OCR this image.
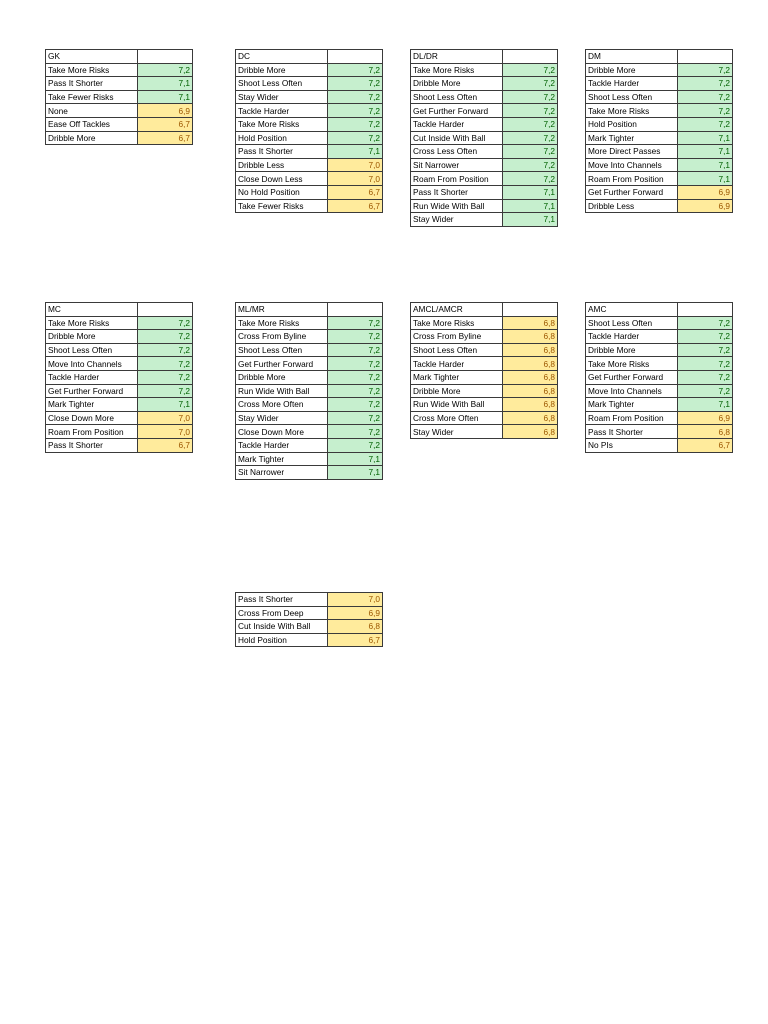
GK	
Take More Risks	7,2
Pass It Shorter	7,1
Take Fewer Risks	7,1
None	6,9
Ease Off Tackles	6,7
Dribble More	6,7
DC	
Dribble More	7,2
Shoot Less Often	7,2
Stay Wider	7,2
Tackle Harder	7,2
Take More Risks	7,2
Hold Position	7,2
Pass It Shorter	7,1
Dribble Less	7,0
Close Down Less	7,0
No Hold Position	6,7
Take Fewer Risks	6,7
DL/DR	
Take More Risks	7,2
Dribble More	7,2
Shoot Less Often	7,2
Get Further Forward	7,2
Tackle Harder	7,2
Cut Inside With Ball	7,2
Cross Less Often	7,2
Sit Narrower	7,2
Roam From Position	7,2
Pass It Shorter	7,1
Run Wide With Ball	7,1
Stay Wider	7,1
DM	
Dribble More	7,2
Tackle Harder	7,2
Shoot Less Often	7,2
Take More Risks	7,2
Hold Position	7,2
Mark Tighter	7,1
More Direct Passes	7,1
Move Into Channels	7,1
Roam From Position	7,1
Get Further Forward	6,9
Dribble Less	6,9
MC	
Take More Risks	7,2
Dribble More	7,2
Shoot Less Often	7,2
Move Into Channels	7,2
Tackle Harder	7,2
Get Further Forward	7,2
Mark Tighter	7,1
Close Down More	7,0
Roam From Position	7,0
Pass It Shorter	6,7
ML/MR	
Take More Risks	7,2
Cross From Byline	7,2
Shoot Less Often	7,2
Get Further Forward	7,2
Dribble More	7,2
Run Wide With Ball	7,2
Cross More Often	7,2
Stay Wider	7,2
Close Down More	7,2
Tackle Harder	7,2
Mark Tighter	7,1
Sit Narrower	7,1
AMCL/AMCR	
Take More Risks	6,8
Cross From Byline	6,8
Shoot Less Often	6,8
Tackle Harder	6,8
Mark Tighter	6,8
Dribble More	6,8
Run Wide With Ball	6,8
Cross More Often	6,8
Stay Wider	6,8
AMC	
Shoot Less Often	7,2
Tackle Harder	7,2
Dribble More	7,2
Take More Risks	7,2
Get Further Forward	7,2
Move Into Channels	7,2
Mark Tighter	7,1
Roam From Position	6,9
Pass It Shorter	6,8
No PIs	6,7
Pass It Shorter	7,0
Cross From Deep	6,9
Cut Inside With Ball	6,8
Hold Position	6,7
